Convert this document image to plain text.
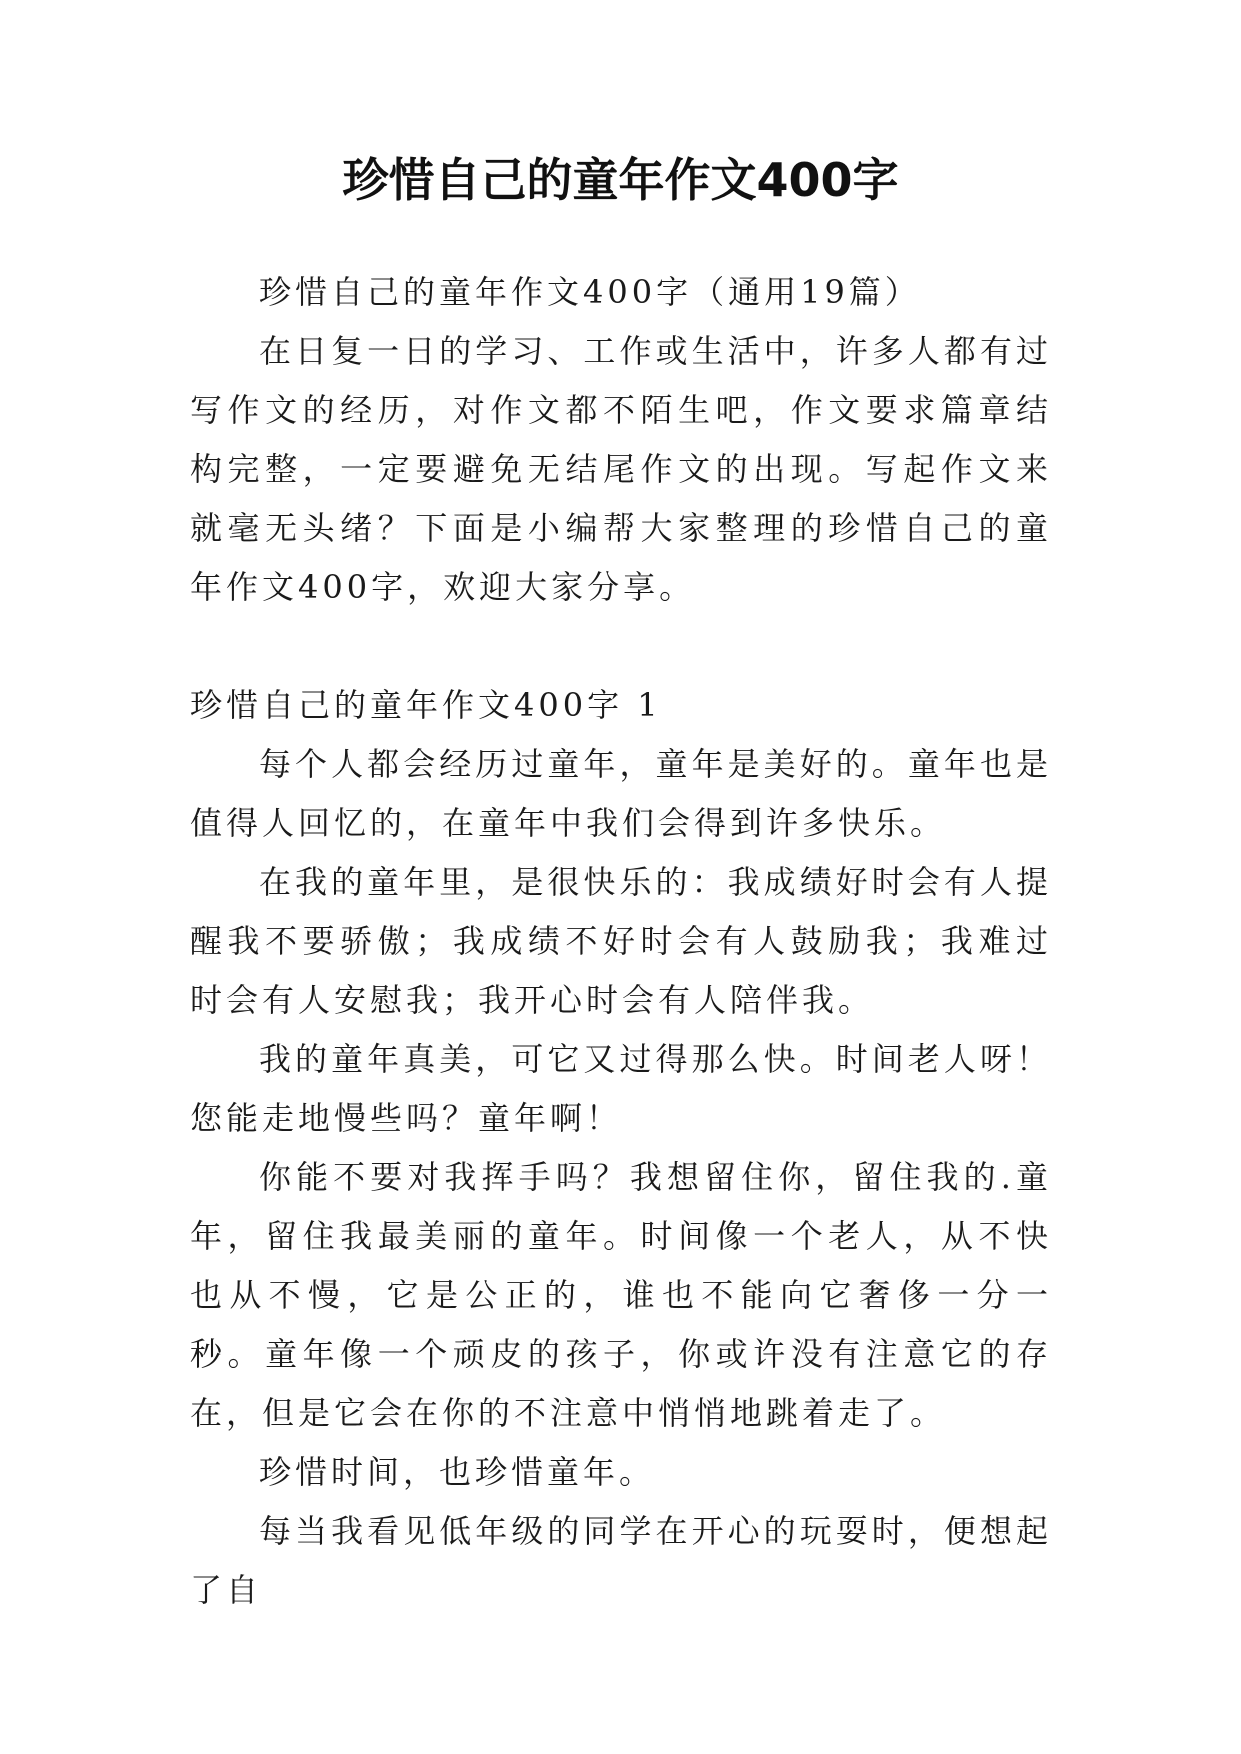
珍惜自己的童年作文400字

珍惜自己的童年作文400字（通用19篇）

在日复一日的学习、工作或生活中，许多人都有过写作文的经历，对作文都不陌生吧，作文要求篇章结构完整，一定要避免无结尾作文的出现。写起作文来就毫无头绪？下面是小编帮大家整理的珍惜自己的童年作文400字，欢迎大家分享。

珍惜自己的童年作文400字 1

每个人都会经历过童年，童年是美好的。童年也是值得人回忆的，在童年中我们会得到许多快乐。

在我的童年里，是很快乐的：我成绩好时会有人提醒我不要骄傲；我成绩不好时会有人鼓励我；我难过时会有人安慰我；我开心时会有人陪伴我。

我的童年真美，可它又过得那么快。时间老人呀！您能走地慢些吗？童年啊！

你能不要对我挥手吗？我想留住你，留住我的.童年，留住我最美丽的童年。时间像一个老人，从不快也从不慢，它是公正的，谁也不能向它奢侈一分一秒。童年像一个顽皮的孩子，你或许没有注意它的存在，但是它会在你的不注意中悄悄地跳着走了。

珍惜时间，也珍惜童年。

每当我看见低年级的同学在开心的玩耍时，便想起了自
